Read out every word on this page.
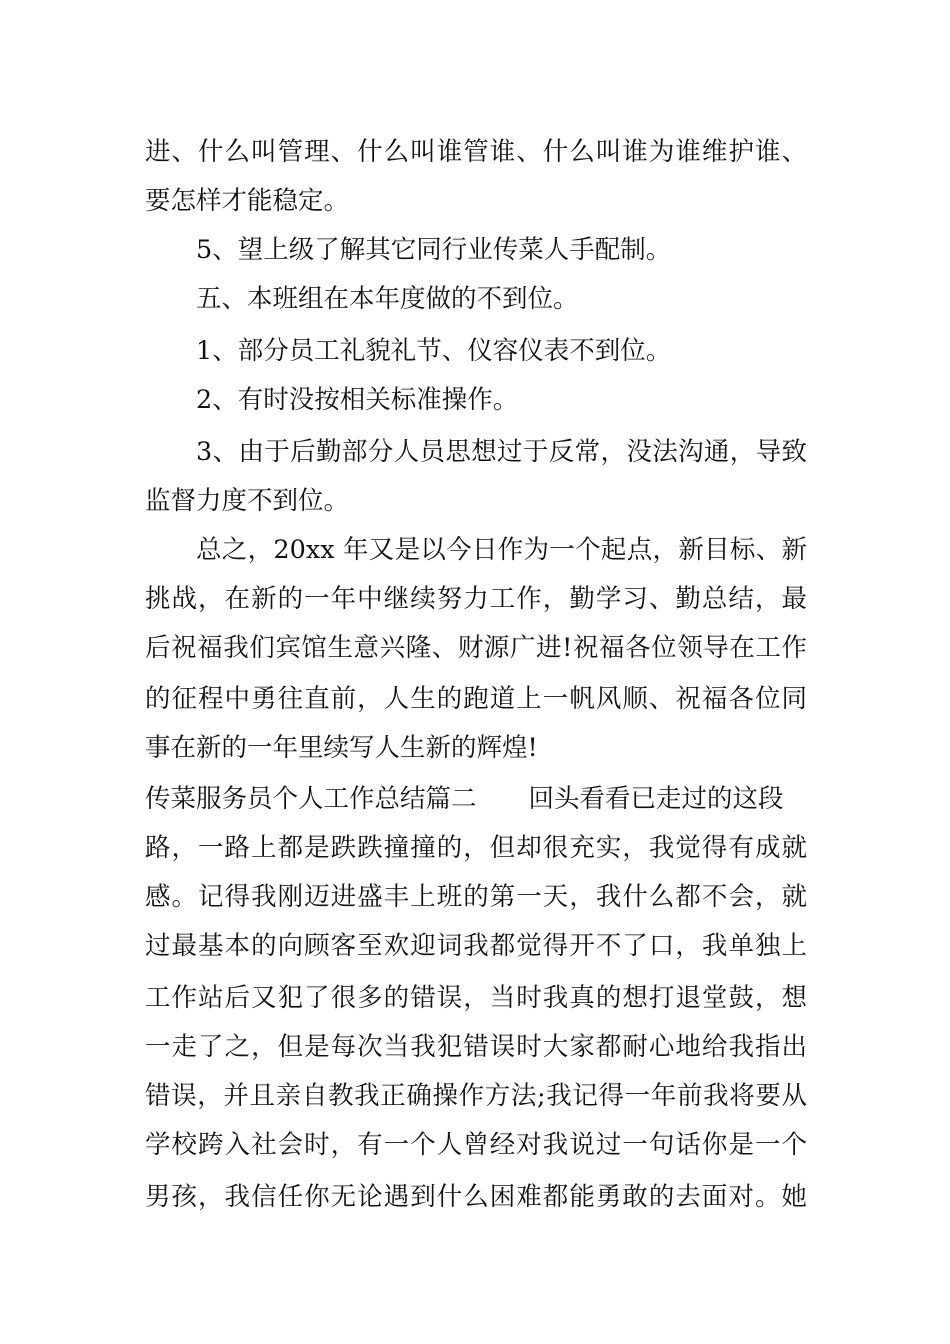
进、什么叫管理、什么叫谁管谁、什么叫谁为谁维护谁、
要怎样才能稳定。
5、望上级了解其它同行业传菜人手配制。
五、本班组在本年度做的不到位。
1、部分员工礼貌礼节、仪容仪表不到位。
2、有时没按相关标准操作。
3、由于后勤部分人员思想过于反常，没法沟通，导致
监督力度不到位。
总之，20xx 年又是以今日作为一个起点，新目标、新
挑战，在新的一年中继续努力工作，勤学习、勤总结，最
后祝福我们宾馆生意兴隆、财源广进!祝福各位领导在工作
的征程中勇往直前，人生的跑道上一帆风顺、祝福各位同
事在新的一年里续写人生新的辉煌!
传菜服务员个人工作总结篇二 回头看看已走过的这段
路，一路上都是跌跌撞撞的，但却很充实，我觉得有成就
感。记得我刚迈进盛丰上班的第一天，我什么都不会，就
过最基本的向顾客至欢迎词我都觉得开不了口，我单独上
工作站后又犯了很多的错误，当时我真的想打退堂鼓，想
一走了之，但是每次当我犯错误时大家都耐心地给我指出
错误，并且亲自教我正确操作方法;我记得一年前我将要从
学校跨入社会时，有一个人曾经对我说过一句话你是一个
男孩，我信任你无论遇到什么困难都能勇敢的去面对。她
